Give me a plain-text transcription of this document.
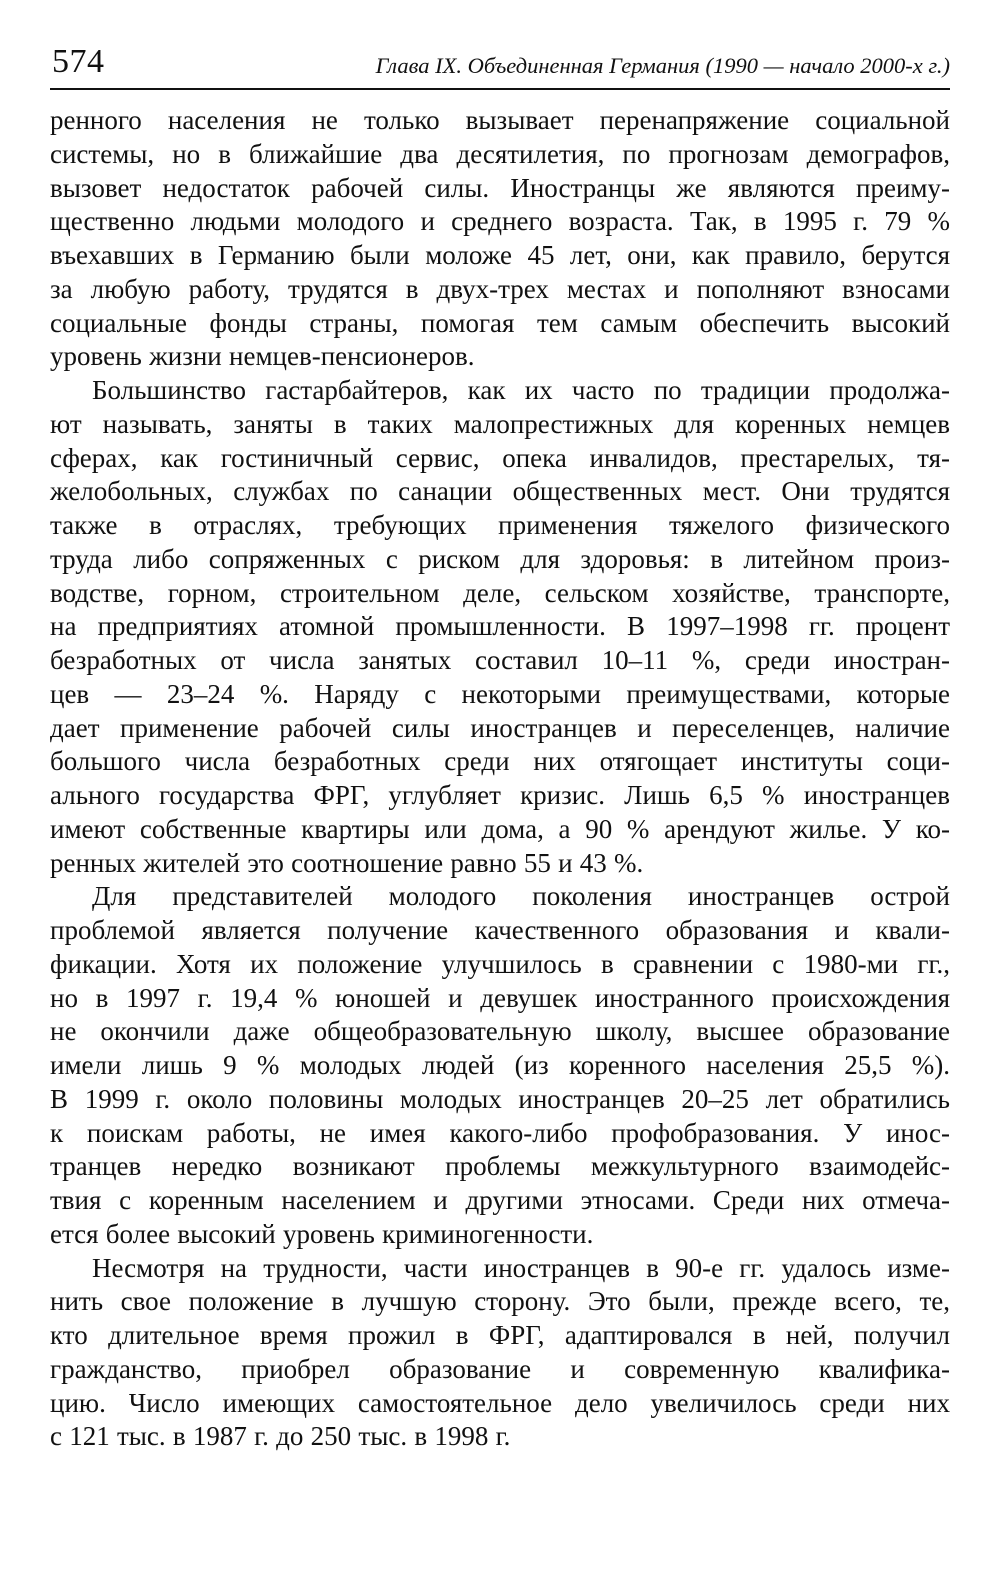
574	Глава IX. Объединенная Германия (1990 — начало 2000-х г.)

ренного населения не только вызывает перенапряжение социальной
системы, но в ближайшие два десятилетия, по прогнозам демографов,
вызовет недостаток рабочей силы. Иностранцы же являются преиму-
щественно людьми молодого и среднего возраста. Так, в 1995 г. 79 %
въехавших в Германию были моложе 45 лет, они, как правило, берутся
за любую работу, трудятся в двух-трех местах и пополняют взносами
социальные фонды страны, помогая тем самым обеспечить высокий
уровень жизни немцев-пенсионеров.

Большинство гастарбайтеров, как их часто по традиции продолжа-
ют называть, заняты в таких малопрестижных для коренных немцев
сферах, как гостиничный сервис, опека инвалидов, престарелых, тя-
желобольных, службах по санации общественных мест. Они трудятся
также в отраслях, требующих применения тяжелого физического
труда либо сопряженных с риском для здоровья: в литейном произ-
водстве, горном, строительном деле, сельском хозяйстве, транспорте,
на предприятиях атомной промышленности. В 1997–1998 гг. процент
безработных от числа занятых составил 10–11 %, среди иностран-
цев — 23–24 %. Наряду с некоторыми преимуществами, которые
дает применение рабочей силы иностранцев и переселенцев, наличие
большого числа безработных среди них отягощает институты соци-
ального государства ФРГ, углубляет кризис. Лишь 6,5 % иностранцев
имеют собственные квартиры или дома, а 90 % арендуют жилье. У ко-
ренных жителей это соотношение равно 55 и 43 %.

Для представителей молодого поколения иностранцев острой
проблемой является получение качественного образования и квали-
фикации. Хотя их положение улучшилось в сравнении с 1980-ми гг.,
но в 1997 г. 19,4 % юношей и девушек иностранного происхождения
не окончили даже общеобразовательную школу, высшее образование
имели лишь 9 % молодых людей (из коренного населения 25,5 %).
В 1999 г. около половины молодых иностранцев 20–25 лет обратились
к поискам работы, не имея какого-либо профобразования. У инос-
транцев нередко возникают проблемы межкультурного взаимодейс-
твия с коренным населением и другими этносами. Среди них отмеча-
ется более высокий уровень криминогенности.

Несмотря на трудности, части иностранцев в 90-е гг. удалось изме-
нить свое положение в лучшую сторону. Это были, прежде всего, те,
кто длительное время прожил в ФРГ, адаптировался в ней, получил
гражданство, приобрел образование и современную квалифика-
цию. Число имеющих самостоятельное дело увеличилось среди них
с 121 тыс. в 1987 г. до 250 тыс. в 1998 г.
